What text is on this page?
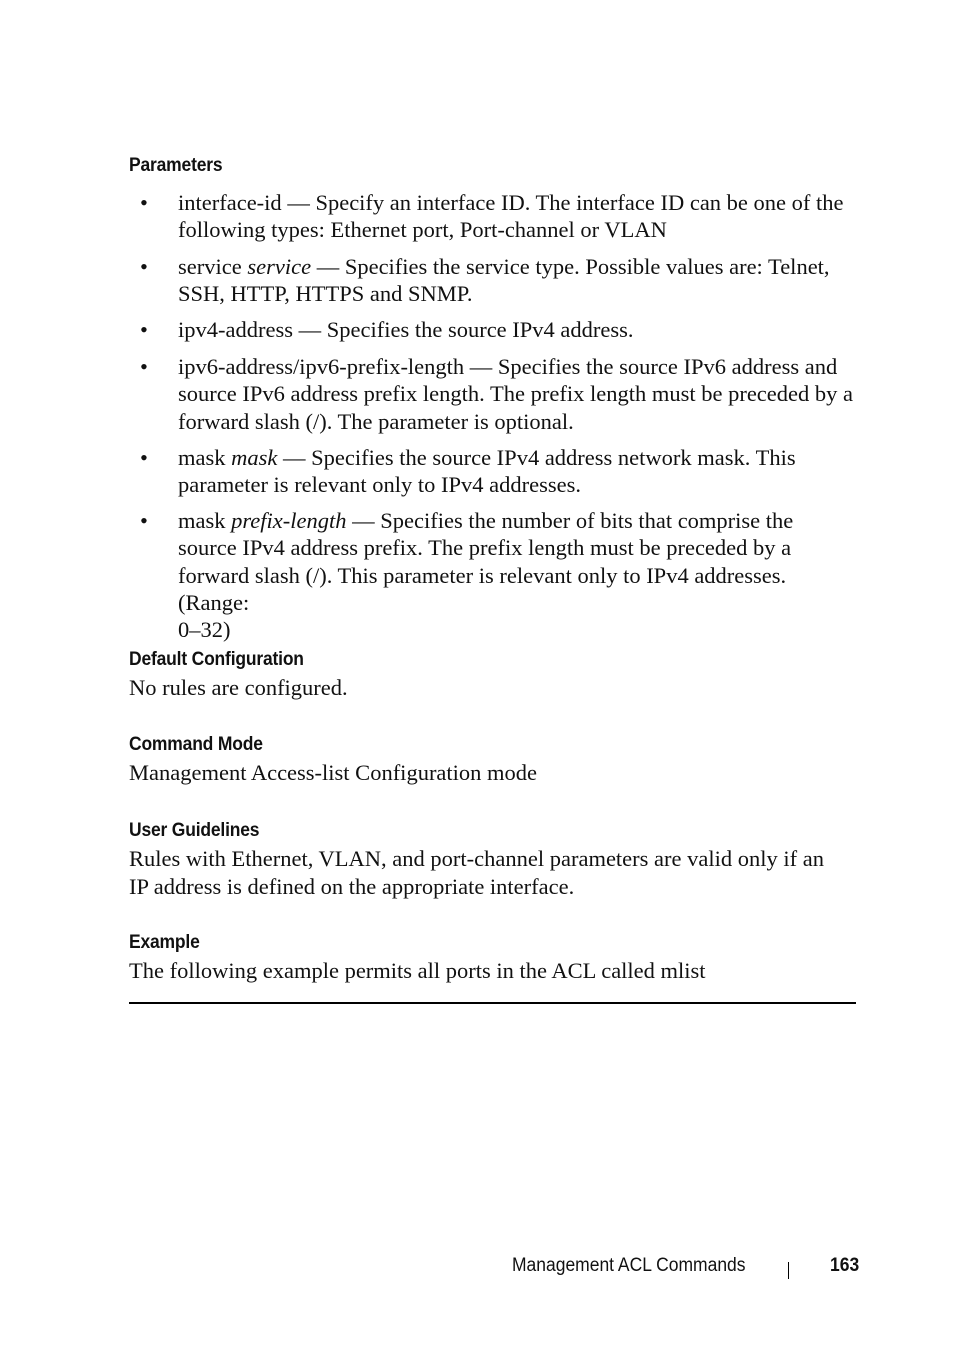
Parameters
•	interface-id — Specify an interface ID. The interface ID can be one of the
following types: Ethernet port, Port-channel or VLAN
•	service service — Specifies the service type. Possible values are: Telnet,
SSH, HTTP, HTTPS and SNMP.
•	ipv4-address — Specifies the source IPv4 address.
•	ipv6-address/ipv6-prefix-length — Specifies the source IPv6 address and
source IPv6 address prefix length. The prefix length must be preceded by a
forward slash (/). The parameter is optional.
•	mask mask — Specifies the source IPv4 address network mask. This
parameter is relevant only to IPv4 addresses.
•	mask prefix-length — Specifies the number of bits that comprise the
source IPv4 address prefix. The prefix length must be preceded by a
forward slash (/). This parameter is relevant only to IPv4 addresses. (Range:
0–32)
Default Configuration

No rules are configured.

Command Mode

Management Access-list Configuration mode

User Guidelines
Rules with Ethernet, VLAN, and port-channel parameters are valid only if an
IP address is defined on the appropriate interface.
Example

The following example permits all ports in the ACL called mlist

Management ACL Commands	163
